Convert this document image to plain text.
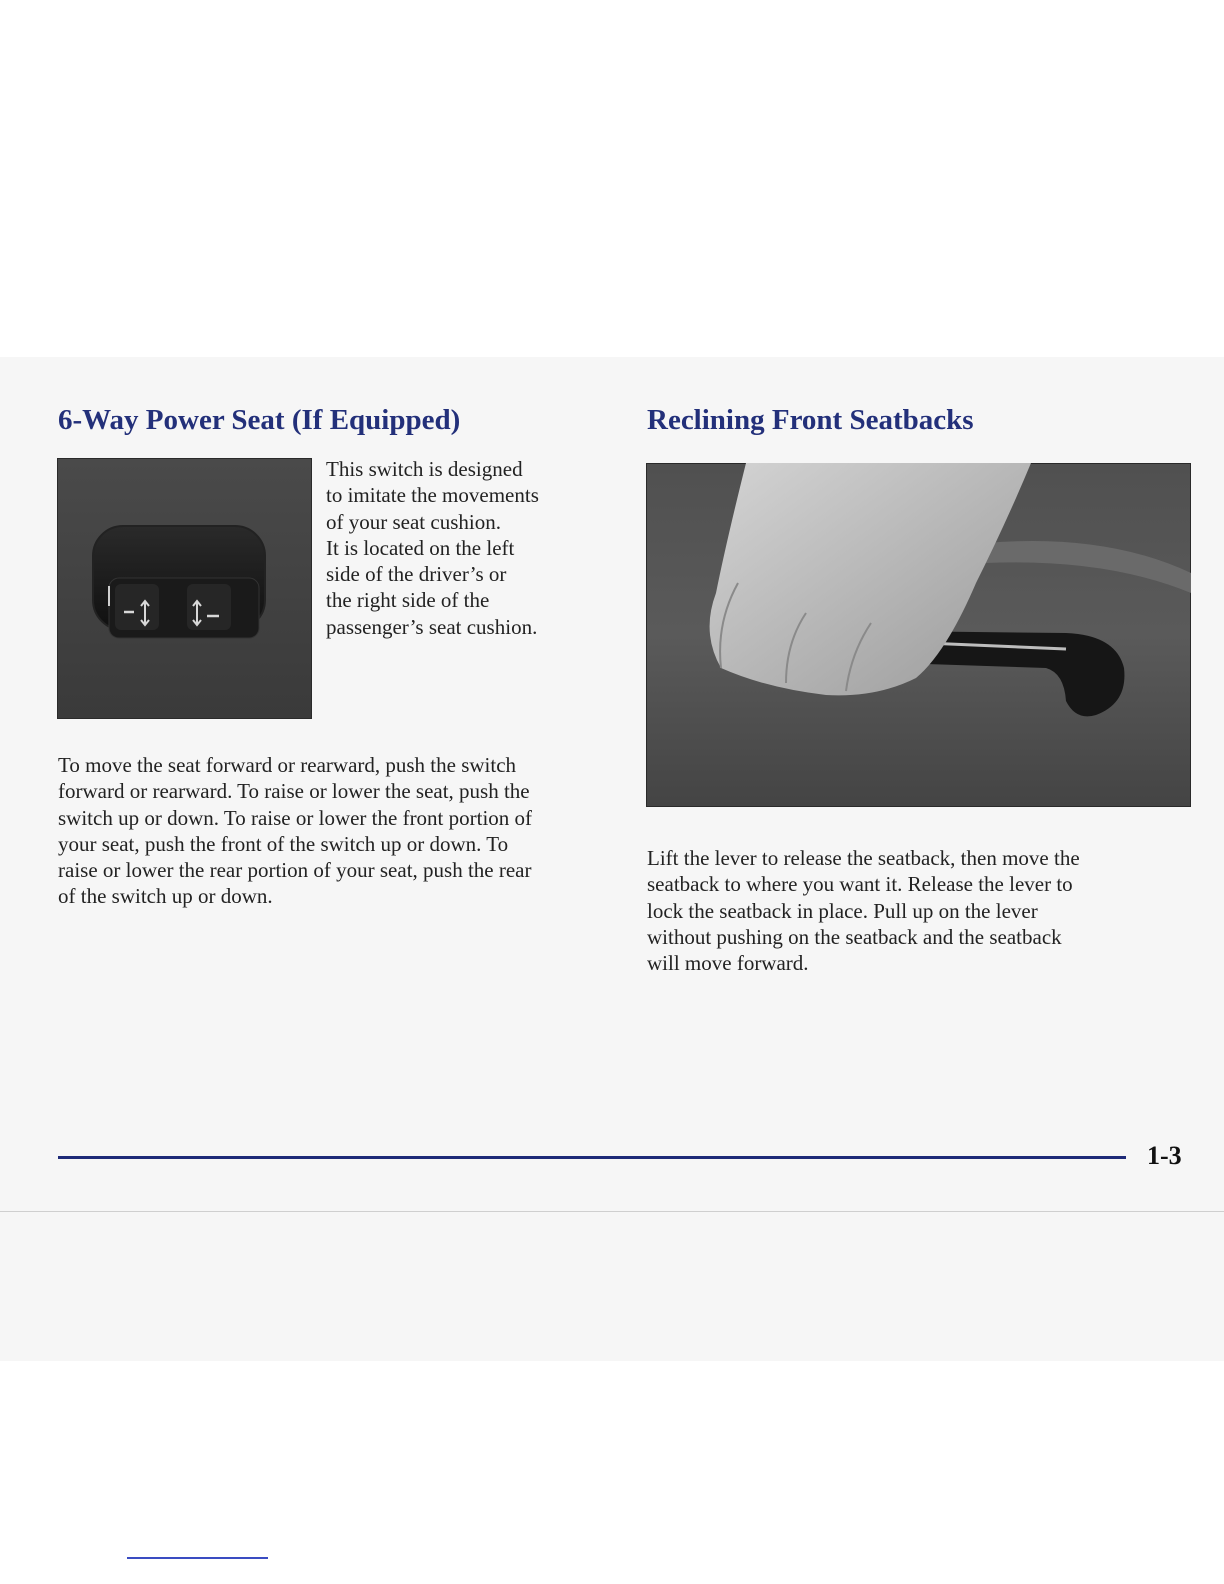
6-Way Power Seat (If Equipped)
This switch is designed
to imitate the movements
of your seat cushion.
It is located on the left
side of the driver’s or
the right side of the
passenger’s seat cushion.
To move the seat forward or rearward, push the switch
forward or rearward. To raise or lower the seat, push the
switch up or down. To raise or lower the front portion of
your seat, push the front of the switch up or down. To
raise or lower the rear portion of your seat, push the rear
of the switch up or down.
Reclining Front Seatbacks
Lift the lever to release the seatback, then move the
seatback to where you want it. Release the lever to
lock the seatback in place. Pull up on the lever
without pushing on the seatback and the seatback
will move forward.
1-3
